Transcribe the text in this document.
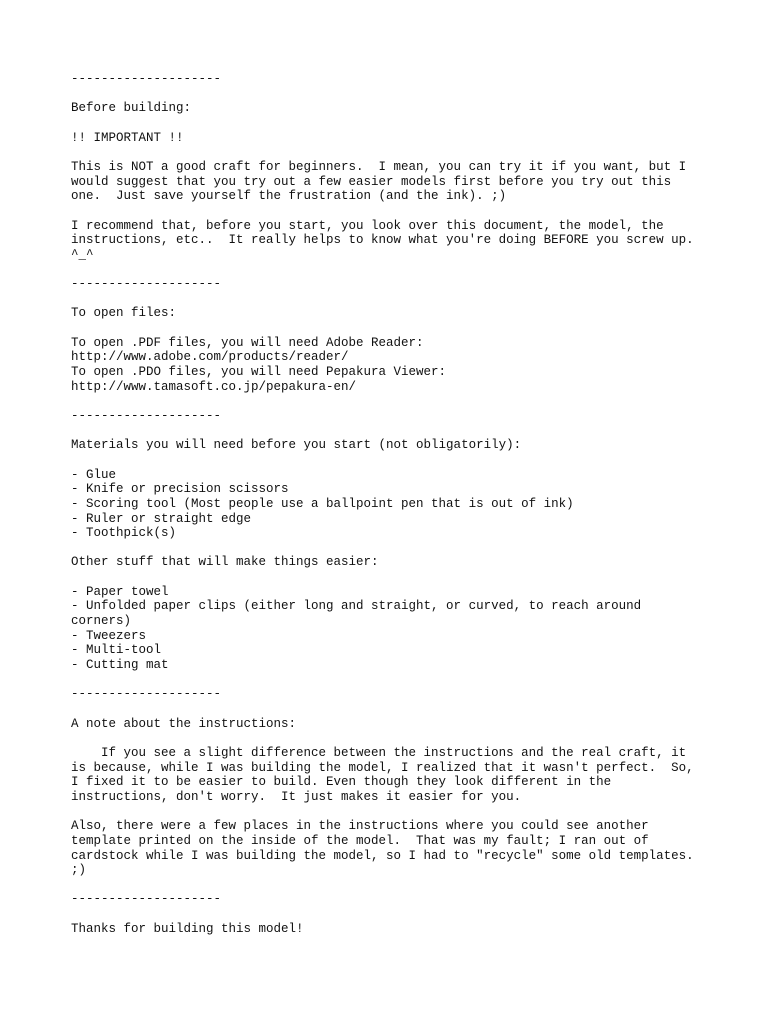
--------------------
Before building:
!! IMPORTANT !!
This is NOT a good craft for beginners.  I mean, you can try it if you want, but I
would suggest that you try out a few easier models first before you try out this
one.  Just save yourself the frustration (and the ink). ;)
I recommend that, before you start, you look over this document, the model, the
instructions, etc..  It really helps to know what you're doing BEFORE you screw up.
^_^
--------------------
To open files:
To open .PDF files, you will need Adobe Reader:
http://www.adobe.com/products/reader/
To open .PDO files, you will need Pepakura Viewer:
http://www.tamasoft.co.jp/pepakura-en/
--------------------
Materials you will need before you start (not obligatorily):
- Glue
- Knife or precision scissors
- Scoring tool (Most people use a ballpoint pen that is out of ink)
- Ruler or straight edge
- Toothpick(s)
Other stuff that will make things easier:
- Paper towel
- Unfolded paper clips (either long and straight, or curved, to reach around
corners)
- Tweezers
- Multi-tool
- Cutting mat
--------------------
A note about the instructions:
If you see a slight difference between the instructions and the real craft, it
is because, while I was building the model, I realized that it wasn't perfect.  So,
I fixed it to be easier to build. Even though they look different in the
instructions, don't worry.  It just makes it easier for you.
Also, there were a few places in the instructions where you could see another
template printed on the inside of the model.  That was my fault; I ran out of
cardstock while I was building the model, so I had to "recycle" some old templates.
;)
--------------------
Thanks for building this model!
